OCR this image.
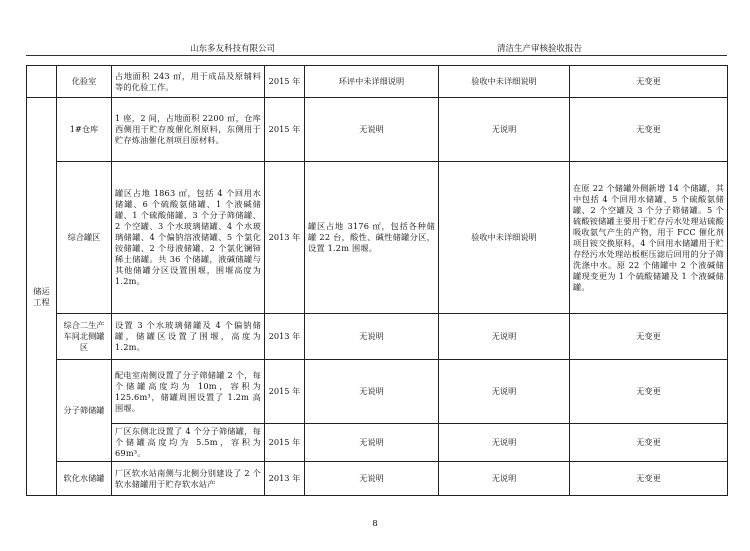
山东多友科技有限公司	清洁生产审核验收报告
	化验室	占地面积 243 ㎡，用于成品及原辅料等的化验工作。	2015 年	环评中未详细说明	验收中未详细说明	无变更
储运工程	1#仓库	1 座，2 间，占地面积 2200 ㎡，仓库西侧用于贮存废催化剂原料，东侧用于贮存炼油催化剂项目原材料。	2015 年	无说明	无说明	无变更
	综合罐区	罐区占地 1863 ㎡，包括 4 个回用水储罐、6 个硫酸氨储罐、1 个液碱储罐、1 个硫酸储罐、3 个分子筛储罐、2 个空罐、3 个水玻璃储罐、4 个水玻璃储罐、4 个偏钠溶液储罐、5 个氯化铵储罐、2 个母液储罐、2 个氯化镧铈稀土储罐。共 36 个储罐，液碱储罐与其他储罐分区设置围堰，围堰高度为 1.2m。	2013 年	罐区占地 3176 ㎡，包括各种储罐 22 台，酸性、碱性储罐分区，设置 1.2m 围堰。	验收中未详细说明	在原 22 个储罐外侧新增 14 个储罐，其中包括 4 个回用水储罐、5 个硫酸氨储罐、2 个空罐及 3 个分子筛储罐。5 个硫酸铵储罐主要用于贮存污水处理站硫酸吸收氨气产生的产物，用于 FCC 催化剂项目铵交换原料，4 个回用水储罐用于贮存经污水处理站板框压滤后回用的分子筛洗涤中水。原 22 个储罐中 2 个液碱储罐现变更为 1 个硫酸储罐及 1 个液碱储罐。
	综合二生产车间北侧罐区	设置 3 个水玻璃储罐及 4 个偏钠储罐，储罐区设置了围堰，高度为 1.2m。	2013 年	无说明	无说明	无变更
	分子筛储罐	配电室南侧设置了分子筛储罐 2 个，每个储罐高度均为 10m，容积为 125.6m³，储罐周围设置了 1.2m 高围堰。	2015 年	无说明	无说明	无变更
		厂区东侧北设置了 4 个分子筛储罐，每个储罐高度均为 5.5m，容积为 69m³。	2015 年	无说明	无说明	无变更
	软化水储罐	厂区软水站南侧与北侧分别建设了 2 个软水储罐用于贮存软水站产	2013 年	无说明	无说明	无变更
8
